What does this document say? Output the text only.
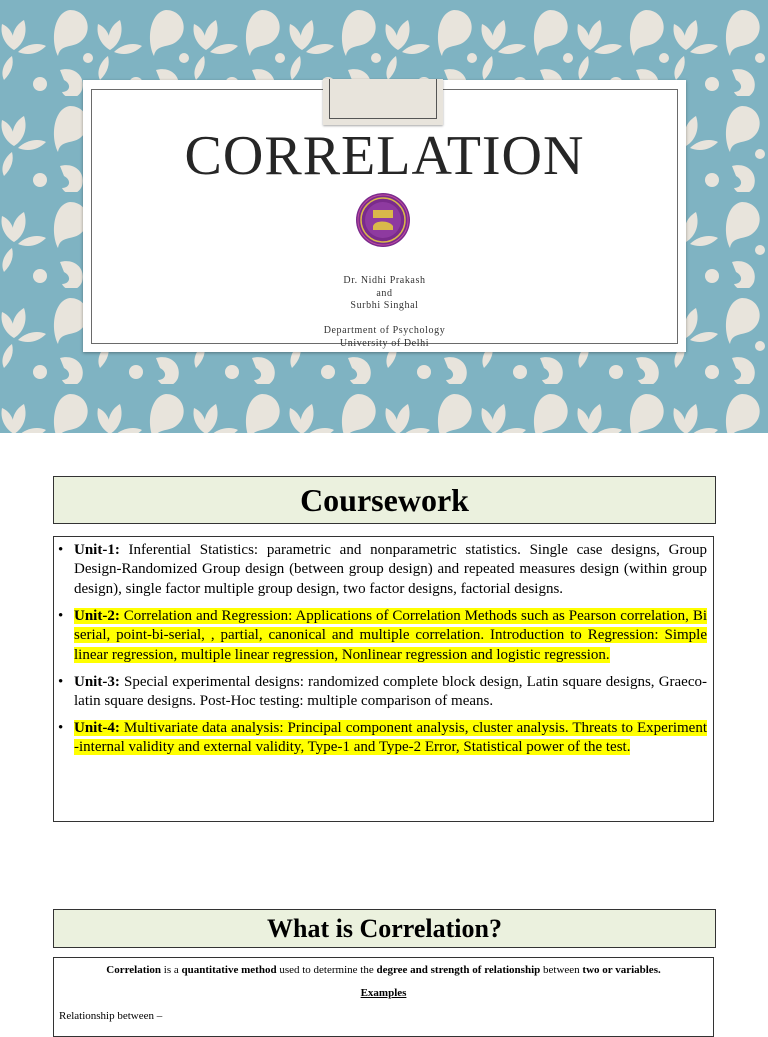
CORRELATION
Dr. Nidhi Prakash
and
Surbhi Singhal
Department of Psychology
University of Delhi
Coursework
• Unit-1: Inferential Statistics: parametric and nonparametric statistics. Single case designs, Group Design-Randomized Group design (between group design) and repeated measures design (within group design), single factor multiple group design, two factor designs, factorial designs.
• Unit-2: Correlation and Regression: Applications of Correlation Methods such as Pearson correlation, Bi serial, point-bi-serial, , partial, canonical and multiple correlation. Introduction to Regression: Simple linear regression, multiple linear regression, Nonlinear regression and logistic regression.
• Unit-3: Special experimental designs: randomized complete block design, Latin square designs, Graeco-latin square designs. Post-Hoc testing: multiple comparison of means.
• Unit-4: Multivariate data analysis: Principal component analysis, cluster analysis. Threats to Experiment -internal validity and external validity, Type-1 and Type-2 Error, Statistical power of the test.
What is Correlation?
Correlation is a quantitative method used to determine the degree and strength of relationship between two or variables.
Examples
Relationship between –
